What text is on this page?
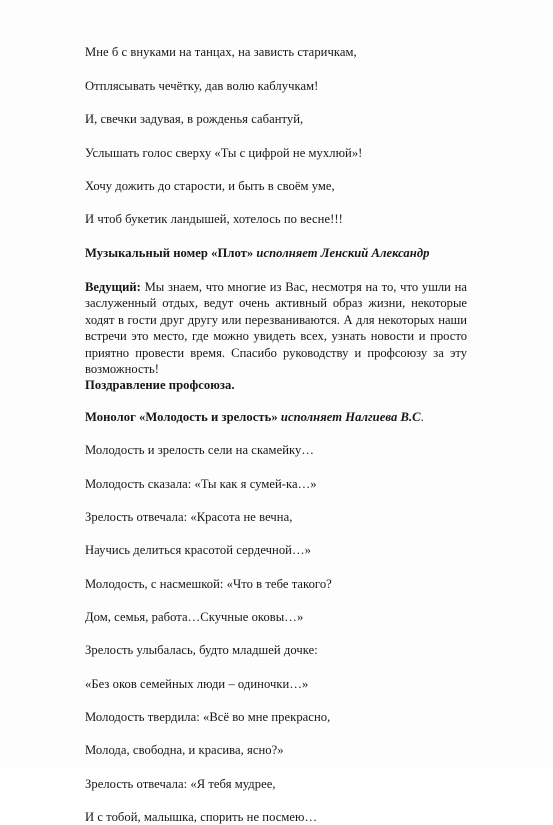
Мне б с внуками на танцах, на зависть старичкам,
Отплясывать чечётку, дав волю каблучкам!
И, свечки задувая, в рожденья сабантуй,
Услышать голос сверху «Ты с цифрой не мухлюй»!
Хочу дожить до старости, и быть в своём уме,
И чтоб букетик ландышей, хотелось по весне!!!
Музыкальный номер «Плот» исполняет Ленский Александр
Ведущий: Мы знаем, что многие из Вас, несмотря на то, что ушли на заслуженный отдых, ведут очень активный образ жизни, некоторые ходят в гости друг другу или перезваниваются. А для некоторых наши встречи это место, где можно увидеть всех, узнать новости и просто приятно провести время. Спасибо руководству и профсоюзу за эту возможность!
Поздравление профсоюза.
Монолог «Молодость и зрелость» исполняет Налгиева В.С.
Молодость и зрелость сели на скамейку…
Молодость сказала: «Ты как я сумей-ка…»
Зрелость отвечала: «Красота не вечна,
Научись делиться красотой сердечной…»
Молодость, с насмешкой: «Что в тебе такого?
Дом, семья, работа…Скучные оковы…»
Зрелость улыбалась, будто младшей дочке:
«Без оков семейных люди – одиночки…»
Молодость твердила: «Всё во мне прекрасно,
Молода, свободна, и красива, ясно?»
Зрелость отвечала: «Я тебя мудрее,
И с тобой, малышка, спорить не посмею…
